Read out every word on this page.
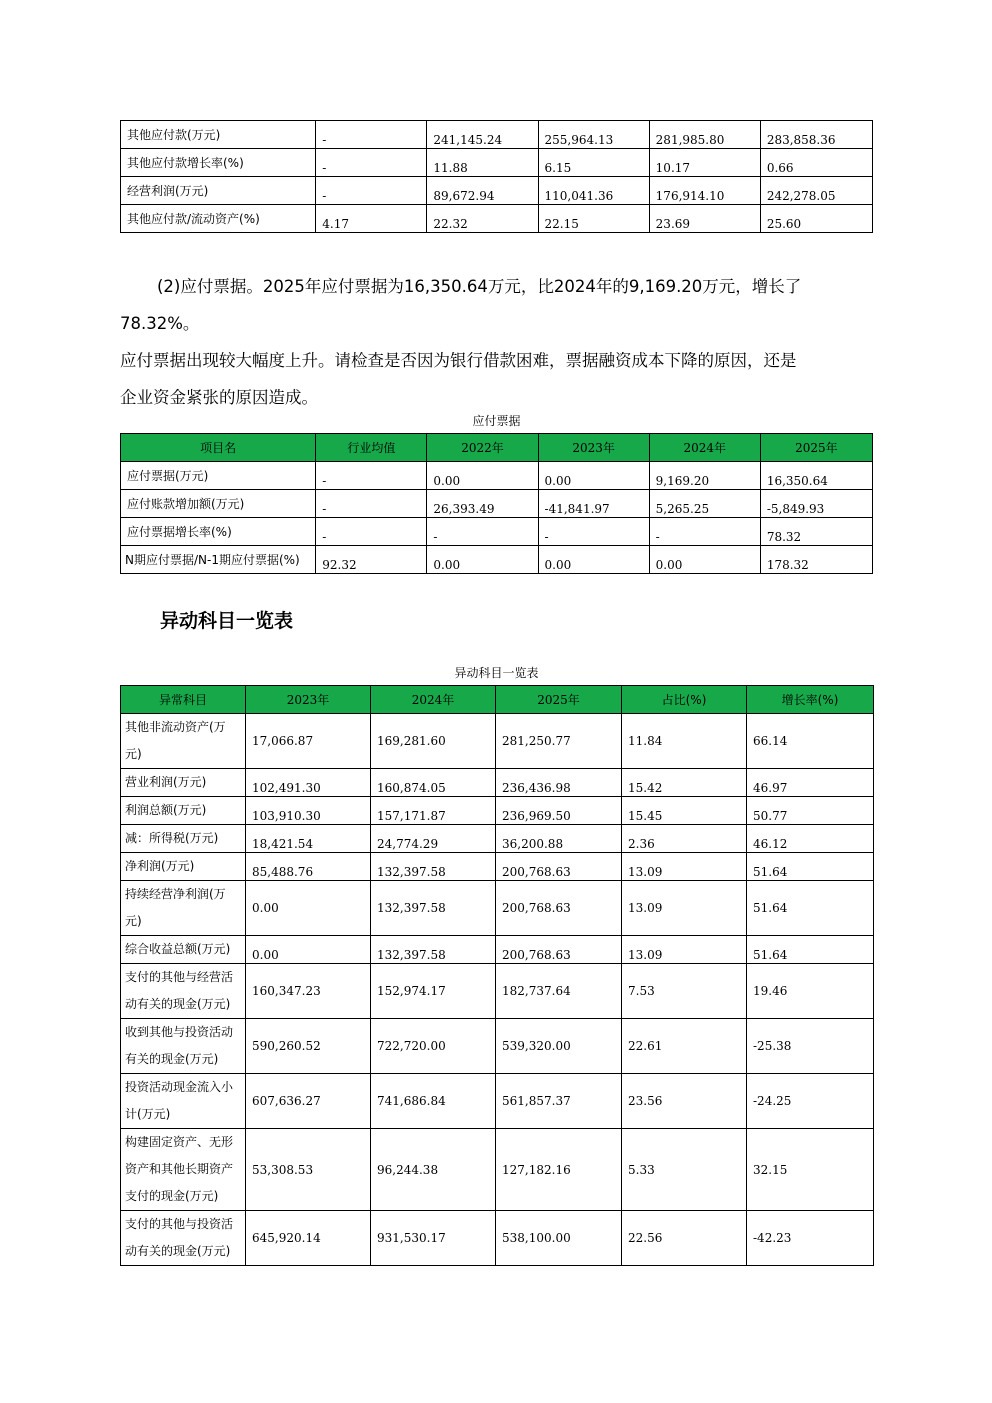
其他应付款(万元)	-	241,145.24	255,964.13	281,985.80	283,858.36
其他应付款增长率(%)	-	11.88	6.15	10.17	0.66
经营利润(万元)	-	89,672.94	110,041.36	176,914.10	242,278.05
其他应付款/流动资产(%)	4.17	22.32	22.15	23.69	25.60
(2)应付票据。2025年应付票据为16,350.64万元，比2024年的9,169.20万元，增长了78.32%。
应付票据出现较大幅度上升。请检查是否因为银行借款困难，票据融资成本下降的原因，还是
企业资金紧张的原因造成。
应付票据
项目名	行业均值	2022年	2023年	2024年	2025年
应付票据(万元)	-	0.00	0.00	9,169.20	16,350.64
应付账款增加额(万元)	-	26,393.49	-41,841.97	5,265.25	-5,849.93
应付票据增长率(%)	-	-	-	-	78.32
N期应付票据/N-1期应付票据(%)	92.32	0.00	0.00	0.00	178.32
异动科目一览表
异动科目一览表
异常科目	2023年	2024年	2025年	占比(%)	增长率(%)
其他非流动资产(万元)	17,066.87	169,281.60	281,250.77	11.84	66.14
营业利润(万元)	102,491.30	160,874.05	236,436.98	15.42	46.97
利润总额(万元)	103,910.30	157,171.87	236,969.50	15.45	50.77
减：所得税(万元)	18,421.54	24,774.29	36,200.88	2.36	46.12
净利润(万元)	85,488.76	132,397.58	200,768.63	13.09	51.64
持续经营净利润(万元)	0.00	132,397.58	200,768.63	13.09	51.64
综合收益总额(万元)	0.00	132,397.58	200,768.63	13.09	51.64
支付的其他与经营活动有关的现金(万元)	160,347.23	152,974.17	182,737.64	7.53	19.46
收到其他与投资活动有关的现金(万元)	590,260.52	722,720.00	539,320.00	22.61	-25.38
投资活动现金流入小计(万元)	607,636.27	741,686.84	561,857.37	23.56	-24.25
构建固定资产、无形资产和其他长期资产支付的现金(万元)	53,308.53	96,244.38	127,182.16	5.33	32.15
支付的其他与投资活动有关的现金(万元)	645,920.14	931,530.17	538,100.00	22.56	-42.23
